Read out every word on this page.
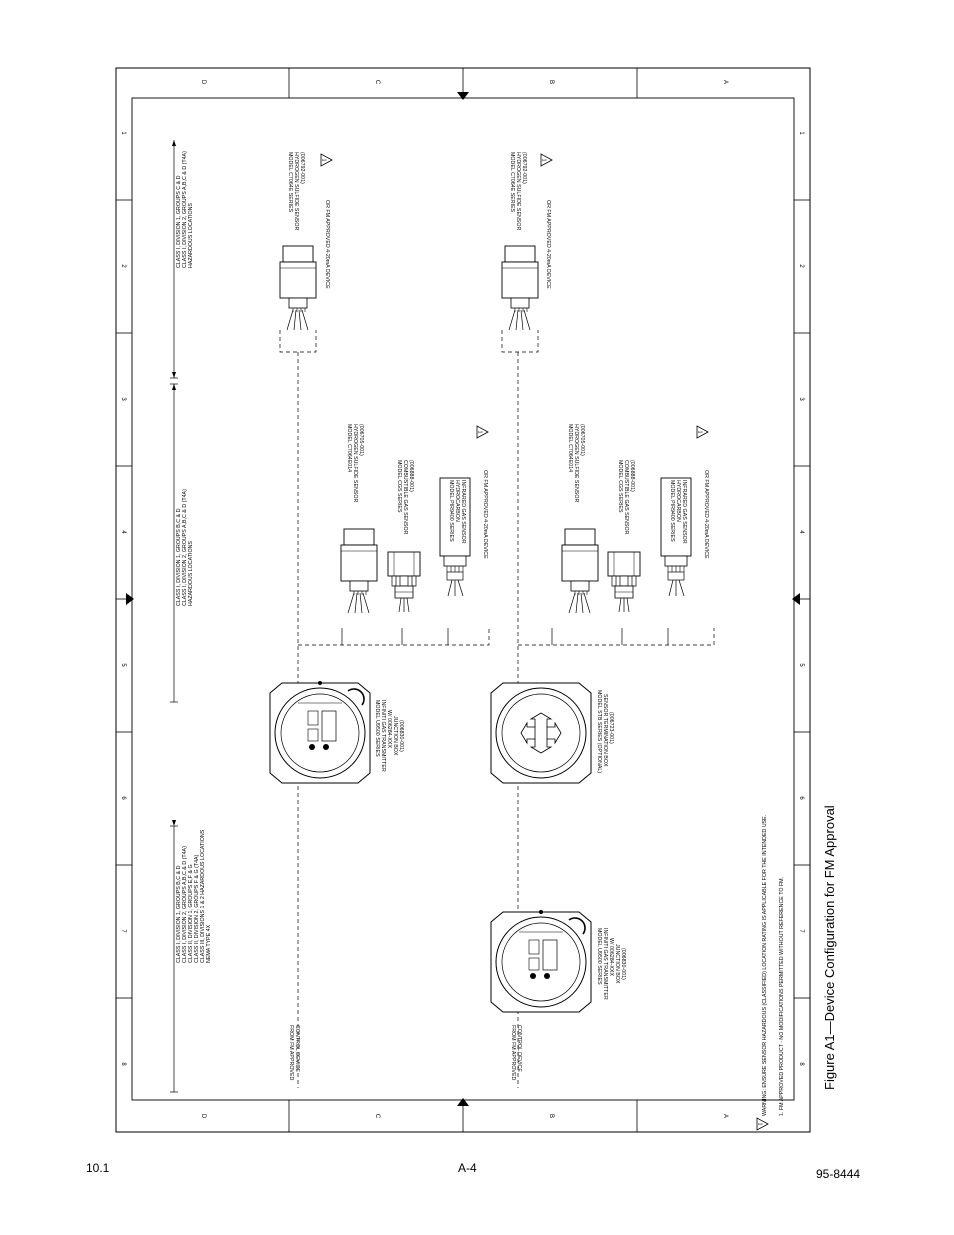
D	C	B	A
D	C	B	A
1
2
3
4
5
6
7
8
1
2
3
4
5
6
7
8
CLASS I, DIVISION 1, GROUPS C & D CLASS I, DIVISION 2, GROUPS A,B,C & D (T4A) HAZARDOUS LOCATIONS
CLASS I, DIVISION 1, GROUPS B,C & D CLASS I, DIVISION 2, GROUPS A,B,C & D (T4A) HAZARDOUS LOCATIONS
CLASS I, DIVISION 1, GROUPS B,C & D CLASS I, DIVISION 2, GROUPS A,B,C & D (T4A) CLASS II, DIVISION 1, GROUPS E,F & G CLASS II, DIVISION 2, GROUPS F & G (T4A) CLASS III, DIVISIONS 1 & 2 HAZARDOUS LOCATIONS NEMA TYPE 4X
MODEL C7064E SERIES HYDROGEN SULFIDE SENSOR (006792-001)
OR FM APPROVED 4-20mA DEVICE
MODEL C7064E SERIES HYDROGEN SULFIDE SENSOR (006792-001)
OR FM APPROVED 4-20mA DEVICE
MODEL C7064E014 HYDROGEN SULFIDE SENSOR (006705-001)
MODEL CGS SERIES COMBUSTIBLE GAS SENSOR (006888-001)
MODEL PIR9400 SERIES HYDROCARBON INFRARED GAS SENSOR	OR FM APPROVED 4-20mA DEVICE
MODEL C7064E014 HYDROGEN SULFIDE SENSOR (006705-001)
MODEL CGS SERIES COMBUSTIBLE GAS SENSOR (006888-001)
MODEL PIR9400 SERIES HYDROCARBON INFRARED GAS SENSOR	OR FM APPROVED 4-20mA DEVICE
MODEL U9500 SERIES INFINITI GAS TRANSMITTER W/ 006284-XXX JUNCTION BOX (006830-001)	MODEL STB SERIES (OPTIONAL) SENSOR TERMINATION BOX (006723-001)
MODEL U9500 SERIES INFINITI GAS TRANSMITTER W/ 006284-XXX JUNCTION BOX (006830-001)
FROM FM APPROVED CONTROL DEVICE	FROM FM APPROVED CONTROL DEVICE	WARNING: ENSURE SENSOR HAZARDOUS (CLASSIFIED) LOCATION RATING IS APPLICABLE FOR THE INTENDED USE. 1. FM APPROVED PRODUCT - NO MODIFICATIONS PERMITTED WITHOUT REFERENCE TO FM.	Figure A1—Device Configuration for FM Approval
10.1	A-4	95-8444
